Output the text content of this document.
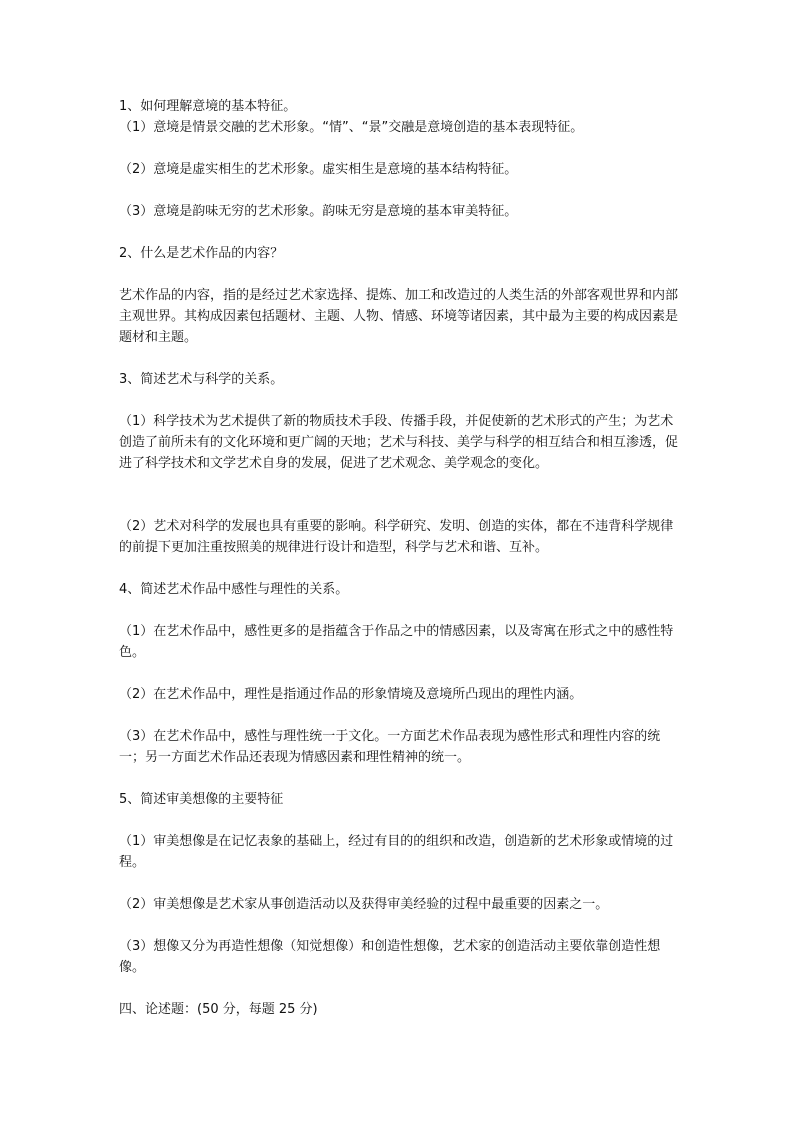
1、如何理解意境的基本特征。

（1）意境是情景交融的艺术形象。“情”、“景”交融是意境创造的基本表现特征。

（2）意境是虚实相生的艺术形象。虚实相生是意境的基本结构特征。

（3）意境是韵味无穷的艺术形象。韵味无穷是意境的基本审美特征。

2、什么是艺术作品的内容？

艺术作品的内容，指的是经过艺术家选择、提炼、加工和改造过的人类生活的外部客观世界和内部主观世界。其构成因素包括题材、主题、人物、情感、环境等诸因素，其中最为主要的构成因素是题材和主题。

3、简述艺术与科学的关系。

（1）科学技术为艺术提供了新的物质技术手段、传播手段，并促使新的艺术形式的产生；为艺术创造了前所未有的文化环境和更广阔的天地；艺术与科技、美学与科学的相互结合和相互渗透，促进了科学技术和文学艺术自身的发展，促进了艺术观念、美学观念的变化。

（2）艺术对科学的发展也具有重要的影响。科学研究、发明、创造的实体，都在不违背科学规律的前提下更加注重按照美的规律进行设计和造型，科学与艺术和谐、互补。

4、简述艺术作品中感性与理性的关系。

（1）在艺术作品中，感性更多的是指蕴含于作品之中的情感因素，以及寄寓在形式之中的感性特色。

（2）在艺术作品中，理性是指通过作品的形象情境及意境所凸现出的理性内涵。

（3）在艺术作品中，感性与理性统一于文化。一方面艺术作品表现为感性形式和理性内容的统一；另一方面艺术作品还表现为情感因素和理性精神的统一。

5、简述审美想像的主要特征

（1）审美想像是在记忆表象的基础上，经过有目的的组织和改造，创造新的艺术形象或情境的过程。

（2）审美想像是艺术家从事创造活动以及获得审美经验的过程中最重要的因素之一。

（3）想像又分为再造性想像（知觉想像）和创造性想像，艺术家的创造活动主要依靠创造性想像。

四、论述题：(50 分，每题 25 分)
